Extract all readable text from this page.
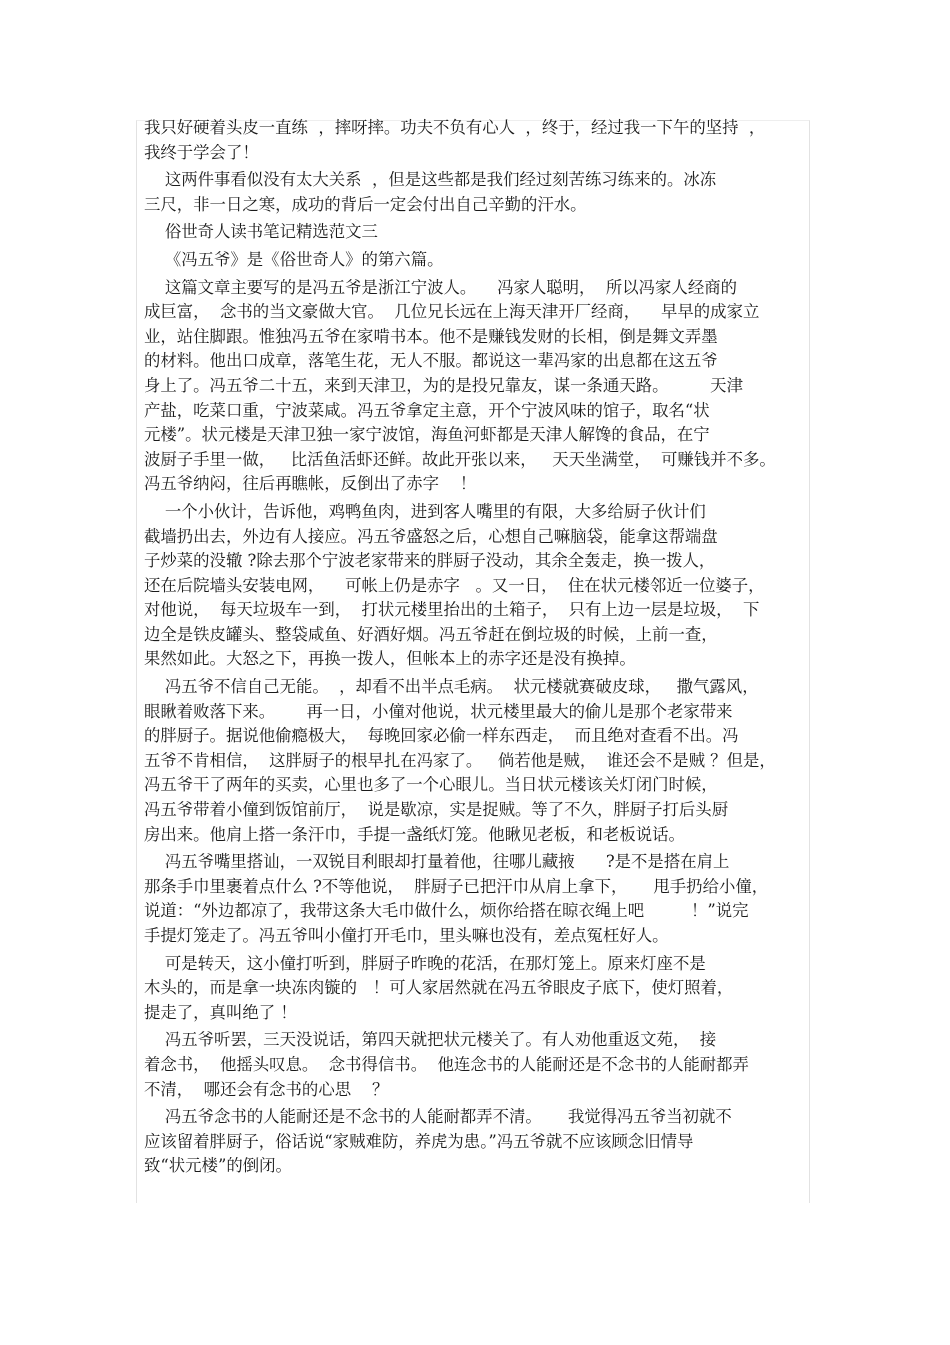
我只好硬着头皮一直练  ，摔呀摔。功夫不负有心人  ，终于，经过我一下午的坚持  ，
我终于学会了！
这两件事看似没有太大关系  ，但是这些都是我们经过刻苦练习练来的。冰冻
三尺，非一日之寒，成功的背后一定会付出自己辛勤的汗水。
俗世奇人读书笔记精选范文三
《冯五爷》是《俗世奇人》的第六篇。
这篇文章主要写的是冯五爷是浙江宁波人。    冯家人聪明，  所以冯家人经商的
成巨富，  念书的当文豪做大官。  几位兄长远在上海天津开厂经商，    早早的成家立
业，站住脚跟。惟独冯五爷在家啃书本。他不是赚钱发财的长相，倒是舞文弄墨
的材料。他出口成章，落笔生花，无人不服。都说这一辈冯家的出息都在这五爷
身上了。冯五爷二十五，来到天津卫，为的是投兄靠友，谋一条通天路。        天津
产盐，吃菜口重，宁波菜咸。冯五爷拿定主意，开个宁波风味的馆子，取名“状
元楼”。状元楼是天津卫独一家宁波馆，海鱼河虾都是天津人解馋的食品，在宁
波厨子手里一做，   比活鱼活虾还鲜。故此开张以来，   天天坐满堂，  可赚钱并不多。
冯五爷纳闷，往后再瞧帐，反倒出了赤字    ！
一个小伙计，告诉他，鸡鸭鱼肉，进到客人嘴里的有限，大多给厨子伙计们
截墙扔出去，外边有人接应。冯五爷盛怒之后，心想自己嘛脑袋，能拿这帮端盘
子炒菜的没辙 ?除去那个宁波老家带来的胖厨子没动，其余全轰走，换一拨人，
还在后院墙头安装电网，    可帐上仍是赤字   。又一日，  住在状元楼邻近一位婆子，
对他说，  每天垃圾车一到，  打状元楼里抬出的土箱子，  只有上边一层是垃圾，  下
边全是铁皮罐头、整袋咸鱼、好酒好烟。冯五爷赶在倒垃圾的时候，上前一查，
果然如此。大怒之下，再换一拨人，但帐本上的赤字还是没有换掉。
冯五爷不信自己无能。  ，却看不出半点毛病。  状元楼就赛破皮球，   撒气露风，
眼瞅着败落下来。      再一日，小僮对他说，状元楼里最大的偷儿是那个老家带来
的胖厨子。据说他偷瘾极大，  每晚回家必偷一样东西走，  而且绝对查看不出。冯
五爷不肯相信，  这胖厨子的根早扎在冯家了。   倘若他是贼，  谁还会不是贼 ？但是，
冯五爷干了两年的买卖，心里也多了一个心眼儿。当日状元楼该关灯闭门时候，
冯五爷带着小僮到饭馆前厅，  说是歇凉，实是捉贼。等了不久，胖厨子打后头厨
房出来。他肩上搭一条汗巾，手提一盏纸灯笼。他瞅见老板，和老板说话。
冯五爷嘴里搭讪，一双锐目利眼却打量着他，往哪儿藏掖      ?是不是搭在肩上
那条手巾里裹着点什么 ?不等他说，  胖厨子已把汗巾从肩上拿下，     甩手扔给小僮，
说道：“外边都凉了，我带这条大毛巾做什么，烦你给搭在晾衣绳上吧         ！”说完
手提灯笼走了。冯五爷叫小僮打开毛巾，里头嘛也没有，差点冤枉好人。
可是转天，这小僮打听到，胖厨子昨晚的花活，在那灯笼上。原来灯座不是
木头的，而是拿一块冻肉镟的   ！可人家居然就在冯五爷眼皮子底下，使灯照着，
提走了，真叫绝了 ！
冯五爷听罢，三天没说话，第四天就把状元楼关了。有人劝他重返文苑，  接
着念书，  他摇头叹息。  念书得信书。  他连念书的人能耐还是不念书的人能耐都弄
不清，  哪还会有念书的心思    ？
冯五爷念书的人能耐还是不念书的人能耐都弄不清。     我觉得冯五爷当初就不
应该留着胖厨子，俗话说“家贼难防，养虎为患。”冯五爷就不应该顾念旧情导
致“状元楼”的倒闭。
